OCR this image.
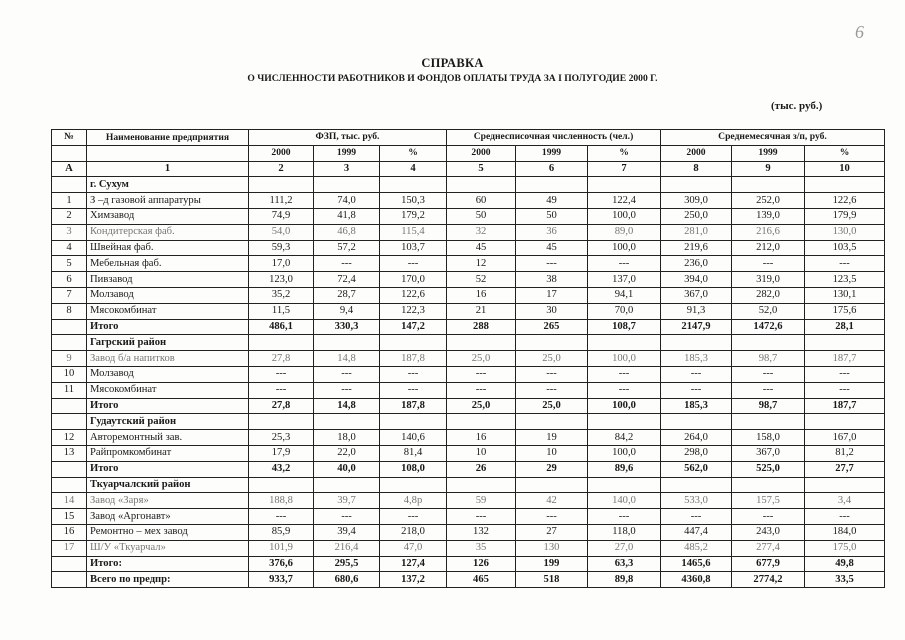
6
СПРАВКА
О ЧИСЛЕННОСТИ РАБОТНИКОВ И ФОНДОВ ОПЛАТЫ ТРУДА ЗА I ПОЛУГОДИЕ 2000 Г.
(тыс. руб.)
№	Наименование предприятия	ФЗП, тыс. руб.			Среднесписочная численность (чел.)			Среднемесячная з/п, руб.		
		2000	1999	%	2000	1999	%	2000	1999	%
А	1	2	3	4	5	6	7	8	9	10
	г. Сухум									
1	З –д газовой аппаратуры	111,2	74,0	150,3	60	49	122,4	309,0	252,0	122,6
2	Химзавод	74,9	41,8	179,2	50	50	100,0	250,0	139,0	179,9
3	Кондитерская фаб.	54,0	46,8	115,4	32	36	89,0	281,0	216,6	130,0
4	Швейная фаб.	59,3	57,2	103,7	45	45	100,0	219,6	212,0	103,5
5	Мебельная фаб.	17,0	---	---	12	---	---	236,0	---	---
6	Пивзавод	123,0	72,4	170,0	52	38	137,0	394,0	319,0	123,5
7	Молзавод	35,2	28,7	122,6	16	17	94,1	367,0	282,0	130,1
8	Мясокомбинат	11,5	9,4	122,3	21	30	70,0	91,3	52,0	175,6
	Итого	486,1	330,3	147,2	288	265	108,7	2147,9	1472,6	28,1
	Гагрский район									
9	Завод б/а напитков	27,8	14,8	187,8	25,0	25,0	100,0	185,3	98,7	187,7
10	Молзавод	---	---	---	---	---	---	---	---	---
11	Мясокомбинат	---	---	---	---	---	---	---	---	---
	Итого	27,8	14,8	187,8	25,0	25,0	100,0	185,3	98,7	187,7
	Гудаутский район									
12	Авторемонтный зав.	25,3	18,0	140,6	16	19	84,2	264,0	158,0	167,0
13	Райпромкомбинат	17,9	22,0	81,4	10	10	100,0	298,0	367,0	81,2
	Итого	43,2	40,0	108,0	26	29	89,6	562,0	525,0	27,7
	Ткуарчалский район									
14	Завод «Заря»	188,8	39,7	4,8р	59	42	140,0	533,0	157,5	3,4
15	Завод «Аргонавт»	---	---	---	---	---	---	---	---	---
16	Ремонтно – мех завод	85,9	39,4	218,0	132	27	118,0	447,4	243,0	184,0
17	Ш/У «Ткуарчал»	101,9	216,4	47,0	35	130	27,0	485,2	277,4	175,0
	Итого:	376,6	295,5	127,4	126	199	63,3	1465,6	677,9	49,8
	Всего по предпр:	933,7	680,6	137,2	465	518	89,8	4360,8	2774,2	33,5
